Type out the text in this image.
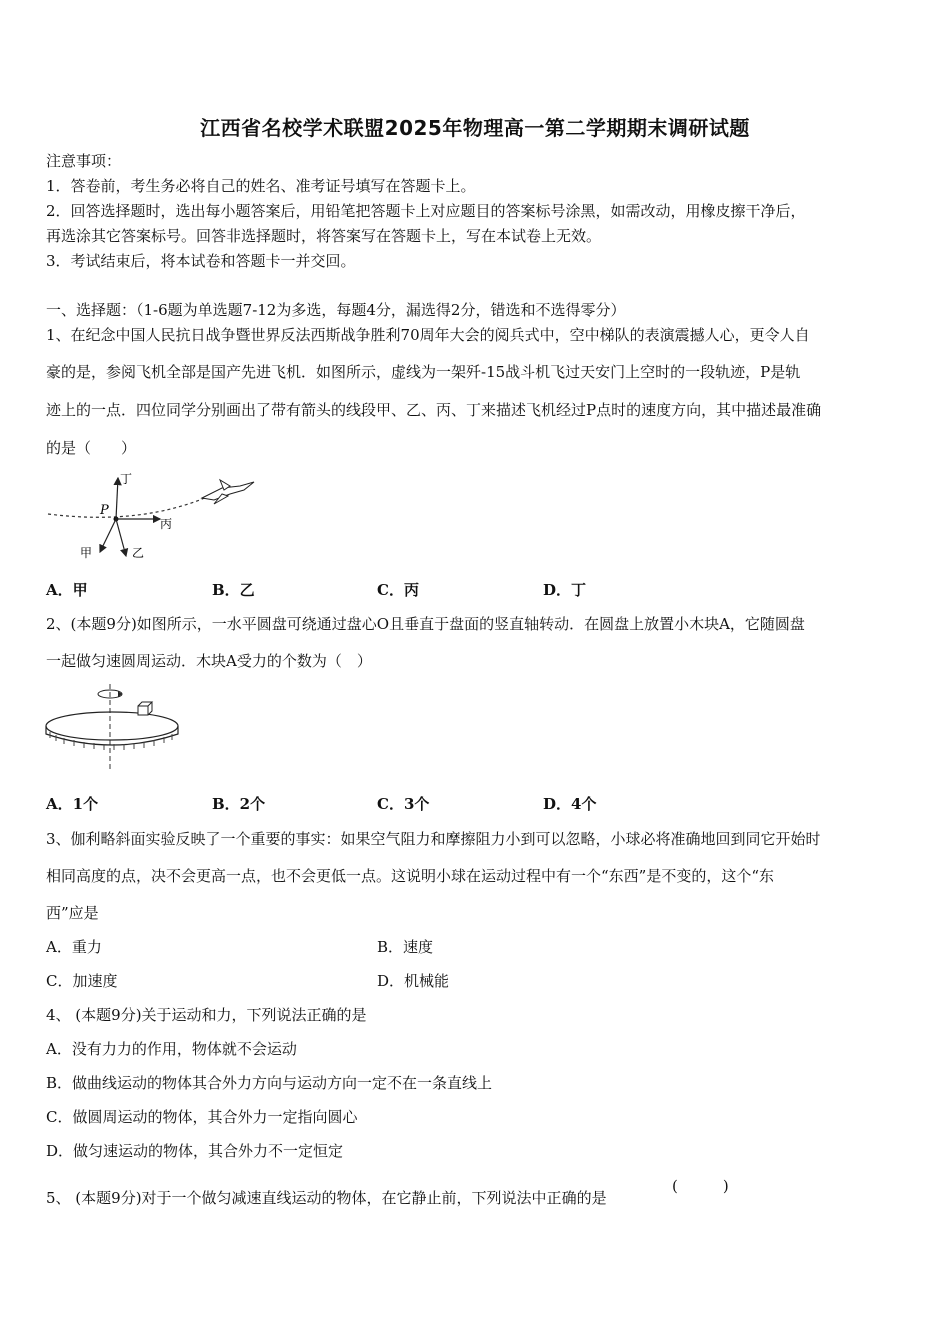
江西省名校学术联盟2025年物理高一第二学期期末调研试题
注意事项：
1．答卷前，考生务必将自己的姓名、准考证号填写在答题卡上。
2．回答选择题时，选出每小题答案后，用铅笔把答题卡上对应题目的答案标号涂黑，如需改动，用橡皮擦干净后，
再选涂其它答案标号。回答非选择题时，将答案写在答题卡上，写在本试卷上无效。
3．考试结束后，将本试卷和答题卡一并交回。
一、选择题：（1-6题为单选题7-12为多选，每题4分，漏选得2分，错选和不选得零分）
1、在纪念中国人民抗日战争暨世界反法西斯战争胜利70周年大会的阅兵式中，空中梯队的表演震撼人心，更令人自
豪的是，参阅飞机全部是国产先进飞机．如图所示，虚线为一架歼-15战斗机飞过天安门上空时的一段轨迹，P是轨
迹上的一点．四位同学分别画出了带有箭头的线段甲、乙、丙、丁来描述飞机经过P点时的速度方向，其中描述最准确
的是（　　）
P
丁
丙
甲	乙
A．甲	B．乙	C．丙	D．丁
2、(本题9分)如图所示，一水平圆盘可绕通过盘心O且垂直于盘面的竖直轴转动．在圆盘上放置小木块A，它随圆盘
一起做匀速圆周运动．木块A受力的个数为（　）
A．1个	B．2个	C．3个	D．4个
3、伽利略斜面实验反映了一个重要的事实：如果空气阻力和摩擦阻力小到可以忽略，小球必将准确地回到同它开始时
相同高度的点，决不会更高一点，也不会更低一点。这说明小球在运动过程中有一个“东西”是不变的，这个“东
西”应是
A．重力	B．速度
C．加速度	D．机械能
4、 (本题9分)关于运动和力，下列说法正确的是
A．没有力力的作用，物体就不会运动
B．做曲线运动的物体其合外力方向与运动方向一定不在一条直线上
C．做圆周运动的物体，其合外力一定指向圆心
D．做匀速运动的物体，其合外力不一定恒定
5、 (本题9分)对于一个做匀减速直线运动的物体，在它静止前，下列说法中正确的是
(　　　)
